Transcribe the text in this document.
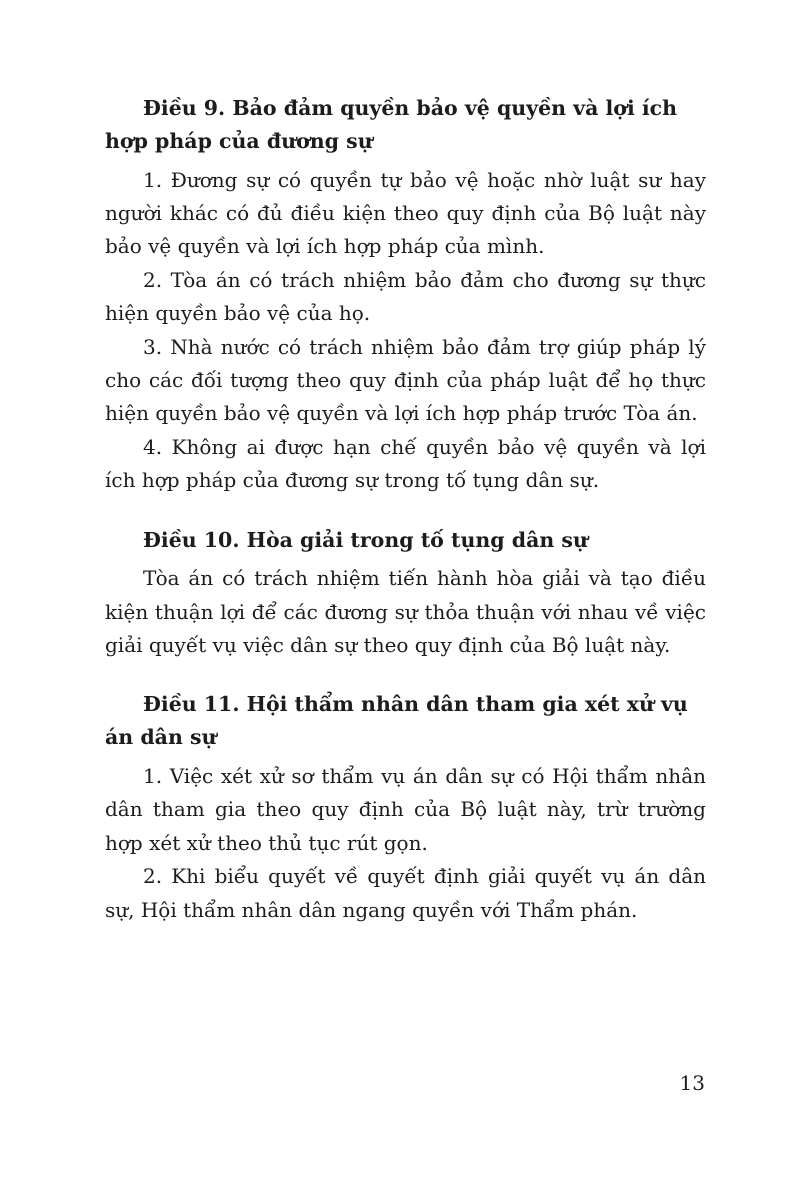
Điều 9. Bảo đảm quyền bảo vệ quyền và lợi ích hợp pháp của đương sự

1. Đương sự có quyền tự bảo vệ hoặc nhờ luật sư hay người khác có đủ điều kiện theo quy định của Bộ luật này bảo vệ quyền và lợi ích hợp pháp của mình.

2. Tòa án có trách nhiệm bảo đảm cho đương sự thực hiện quyền bảo vệ của họ.

3. Nhà nước có trách nhiệm bảo đảm trợ giúp pháp lý cho các đối tượng theo quy định của pháp luật để họ thực hiện quyền bảo vệ quyền và lợi ích hợp pháp trước Tòa án.

4. Không ai được hạn chế quyền bảo vệ quyền và lợi ích hợp pháp của đương sự trong tố tụng dân sự.

Điều 10. Hòa giải trong tố tụng dân sự

Tòa án có trách nhiệm tiến hành hòa giải và tạo điều kiện thuận lợi để các đương sự thỏa thuận với nhau về việc giải quyết vụ việc dân sự theo quy định của Bộ luật này.

Điều 11. Hội thẩm nhân dân tham gia xét xử vụ án dân sự

1. Việc xét xử sơ thẩm vụ án dân sự có Hội thẩm nhân dân tham gia theo quy định của Bộ luật này, trừ trường hợp xét xử theo thủ tục rút gọn.

2. Khi biểu quyết về quyết định giải quyết vụ án dân sự, Hội thẩm nhân dân ngang quyền với Thẩm phán.

13
